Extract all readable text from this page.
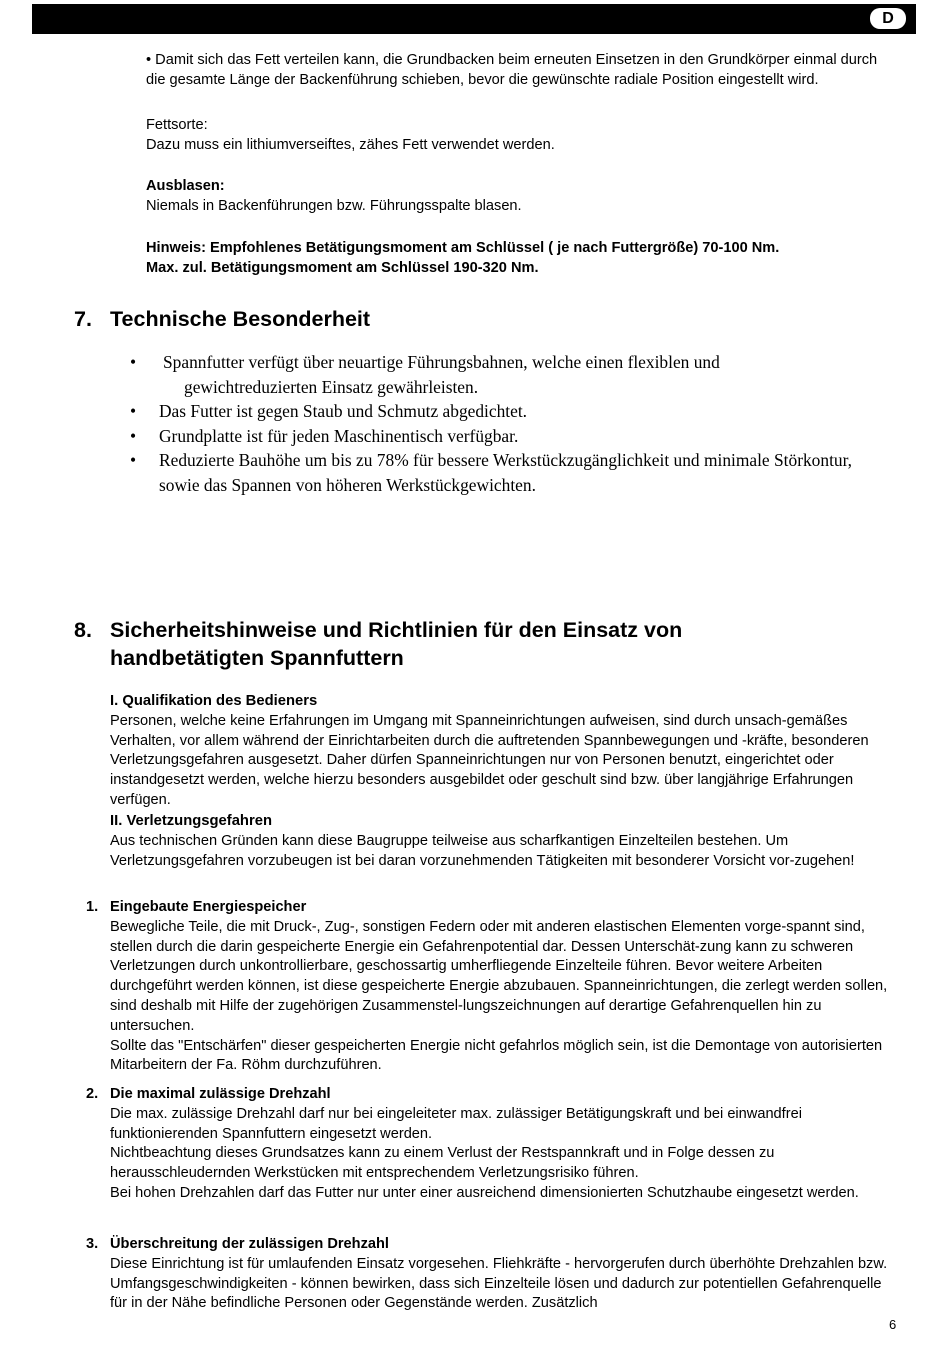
D
• Damit sich das Fett verteilen kann, die Grundbacken beim erneuten Einsetzen in den Grundkörper einmal durch die gesamte Länge der Backenführung schieben, bevor die gewünschte radiale Position eingestellt wird.
Fettsorte:
Dazu muss ein lithiumverseiftes, zähes Fett verwendet werden.
Ausblasen:
Niemals in Backenführungen bzw. Führungsspalte blasen.
Hinweis: Empfohlenes Betätigungsmoment am Schlüssel ( je nach Futtergröße) 70-100 Nm.
Max. zul. Betätigungsmoment am Schlüssel 190-320 Nm.
7. Technische Besonderheit
• Spannfutter verfügt über neuartige Führungsbahnen, welche einen flexiblen und
gewichtreduzierten Einsatz gewährleisten.
• Das Futter ist gegen Staub und Schmutz abgedichtet.
• Grundplatte ist für jeden Maschinentisch verfügbar.
• Reduzierte Bauhöhe um bis zu 78% für bessere Werkstückzugänglichkeit und minimale Störkontur, sowie das Spannen von höheren Werkstückgewichten.
8. Sicherheitshinweise und Richtlinien für den Einsatz von
handbetätigten Spannfuttern
I. Qualifikation des Bedieners
Personen, welche keine Erfahrungen im Umgang mit Spanneinrichtungen aufweisen, sind durch unsach-gemäßes Verhalten, vor allem während der Einrichtarbeiten durch die auftretenden Spannbewegungen und -kräfte, besonderen Verletzungsgefahren ausgesetzt. Daher dürfen Spanneinrichtungen nur von Personen benutzt, eingerichtet oder instandgesetzt werden, welche hierzu besonders ausgebildet oder geschult sind bzw. über langjährige Erfahrungen verfügen.
II. Verletzungsgefahren
Aus technischen Gründen kann diese Baugruppe teilweise aus scharfkantigen Einzelteilen bestehen. Um Verletzungsgefahren vorzubeugen ist bei daran vorzunehmenden Tätigkeiten mit besonderer Vorsicht vor-zugehen!
1. Eingebaute Energiespeicher
Bewegliche Teile, die mit Druck-, Zug-, sonstigen Federn oder mit anderen elastischen Elementen vorge-spannt sind, stellen durch die darin gespeicherte Energie ein Gefahrenpotential dar. Dessen Unterschät-zung kann zu schweren Verletzungen durch unkontrollierbare, geschossartig umherfliegende Einzelteile führen. Bevor weitere Arbeiten durchgeführt werden können, ist diese gespeicherte Energie abzubauen. Spanneinrichtungen, die zerlegt werden sollen, sind deshalb mit Hilfe der zugehörigen Zusammenstel-lungszeichnungen auf derartige Gefahrenquellen hin zu untersuchen.
Sollte das "Entschärfen" dieser gespeicherten Energie nicht gefahrlos möglich sein, ist die Demontage von autorisierten Mitarbeitern der Fa. Röhm durchzuführen.
2. Die maximal zulässige Drehzahl
Die max. zulässige Drehzahl darf nur bei eingeleiteter max. zulässiger Betätigungskraft und bei einwandfrei funktionierenden Spannfuttern eingesetzt werden.
Nichtbeachtung dieses Grundsatzes kann zu einem Verlust der Restspannkraft und in Folge dessen zu herausschleudernden Werkstücken mit entsprechendem Verletzungsrisiko führen.
Bei hohen Drehzahlen darf das Futter nur unter einer ausreichend dimensionierten Schutzhaube eingesetzt werden.
3. Überschreitung der zulässigen Drehzahl
Diese Einrichtung ist für umlaufenden Einsatz vorgesehen. Fliehkräfte - hervorgerufen durch überhöhte Drehzahlen bzw. Umfangsgeschwindigkeiten - können bewirken, dass sich Einzelteile lösen und dadurch zur potentiellen Gefahrenquelle für in der Nähe befindliche Personen oder Gegenstände werden. Zusätzlich
6
